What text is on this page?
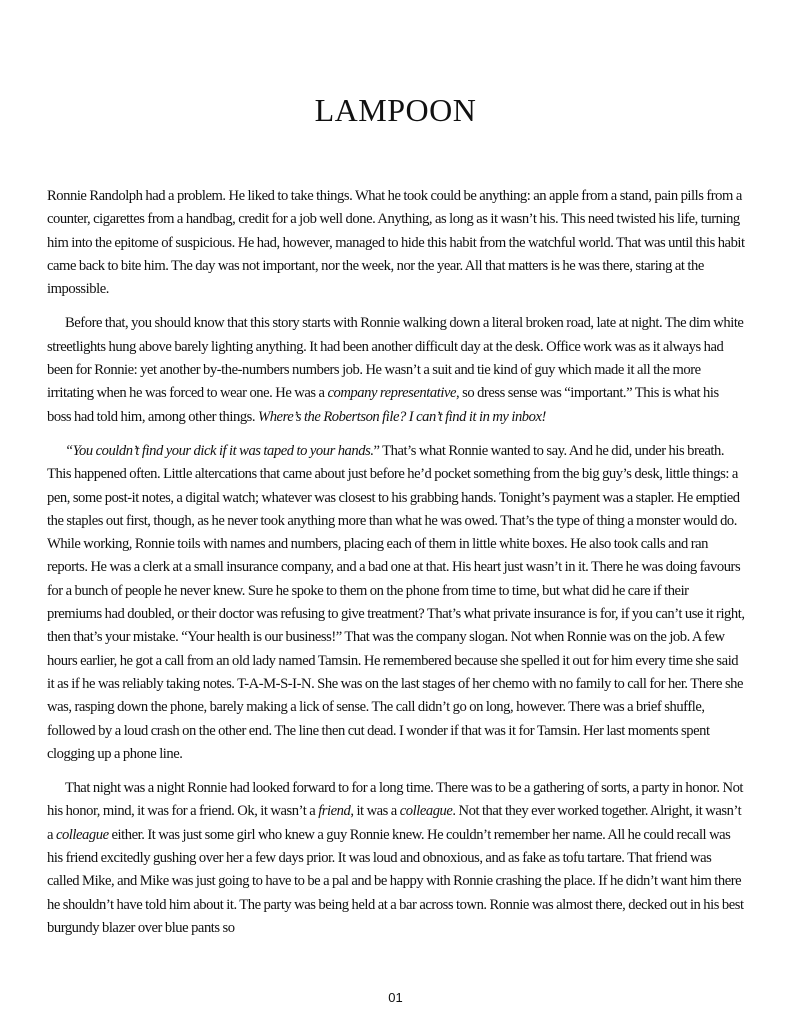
LAMPOON

Ronnie Randolph had a problem. He liked to take things. What he took could be anything: an apple from a stand, pain pills from a counter, cigarettes from a handbag, credit for a job well done. Anything, as long as it wasn’t his. This need twisted his life, turning him into the epitome of suspicious. He had, however, managed to hide this habit from the watchful world. That was until this habit came back to bite him. The day was not important, nor the week, nor the year. All that matters is he was there, staring at the impossible.

Before that, you should know that this story starts with Ronnie walking down a literal broken road, late at night. The dim white streetlights hung above barely lighting anything. It had been another difficult day at the desk. Office work was as it always had been for Ronnie: yet another by-the-numbers numbers job. He wasn’t a suit and tie kind of guy which made it all the more irritating when he was forced to wear one. He was a company representative, so dress sense was “important.” This is what his boss had told him, among other things. Where’s the Robertson file? I can’t find it in my inbox!

“You couldn’t find your dick if it was taped to your hands.” That’s what Ronnie wanted to say. And he did, under his breath. This happened often. Little altercations that came about just before he’d pocket something from the big guy’s desk, little things: a pen, some post-it notes, a digital watch; whatever was closest to his grabbing hands. Tonight’s payment was a stapler. He emptied the staples out first, though, as he never took anything more than what he was owed. That’s the type of thing a monster would do. While working, Ronnie toils with names and numbers, placing each of them in little white boxes. He also took calls and ran reports. He was a clerk at a small insurance company, and a bad one at that. His heart just wasn’t in it. There he was doing favours for a bunch of people he never knew. Sure he spoke to them on the phone from time to time, but what did he care if their premiums had doubled, or their doctor was refusing to give treatment? That’s what private insurance is for, if you can’t use it right, then that’s your mistake. “Your health is our business!” That was the company slogan. Not when Ronnie was on the job. A few hours earlier, he got a call from an old lady named Tamsin. He remembered because she spelled it out for him every time she said it as if he was reliably taking notes. T-A-M-S-I-N. She was on the last stages of her chemo with no family to call for her. There she was, rasping down the phone, barely making a lick of sense. The call didn’t go on long, however. There was a brief shuffle, followed by a loud crash on the other end. The line then cut dead. I wonder if that was it for Tamsin. Her last moments spent clogging up a phone line.

That night was a night Ronnie had looked forward to for a long time. There was to be a gathering of sorts, a party in honor. Not his honor, mind, it was for a friend. Ok, it wasn’t a friend, it was a colleague. Not that they ever worked together. Alright, it wasn’t a colleague either. It was just some girl who knew a guy Ronnie knew. He couldn’t remember her name. All he could recall was his friend excitedly gushing over her a few days prior. It was loud and obnoxious, and as fake as tofu tartare. That friend was called Mike, and Mike was just going to have to be a pal and be happy with Ronnie crashing the place. If he didn’t want him there he shouldn’t have told him about it. The party was being held at a bar across town. Ronnie was almost there, decked out in his best burgundy blazer over blue pants so

01
